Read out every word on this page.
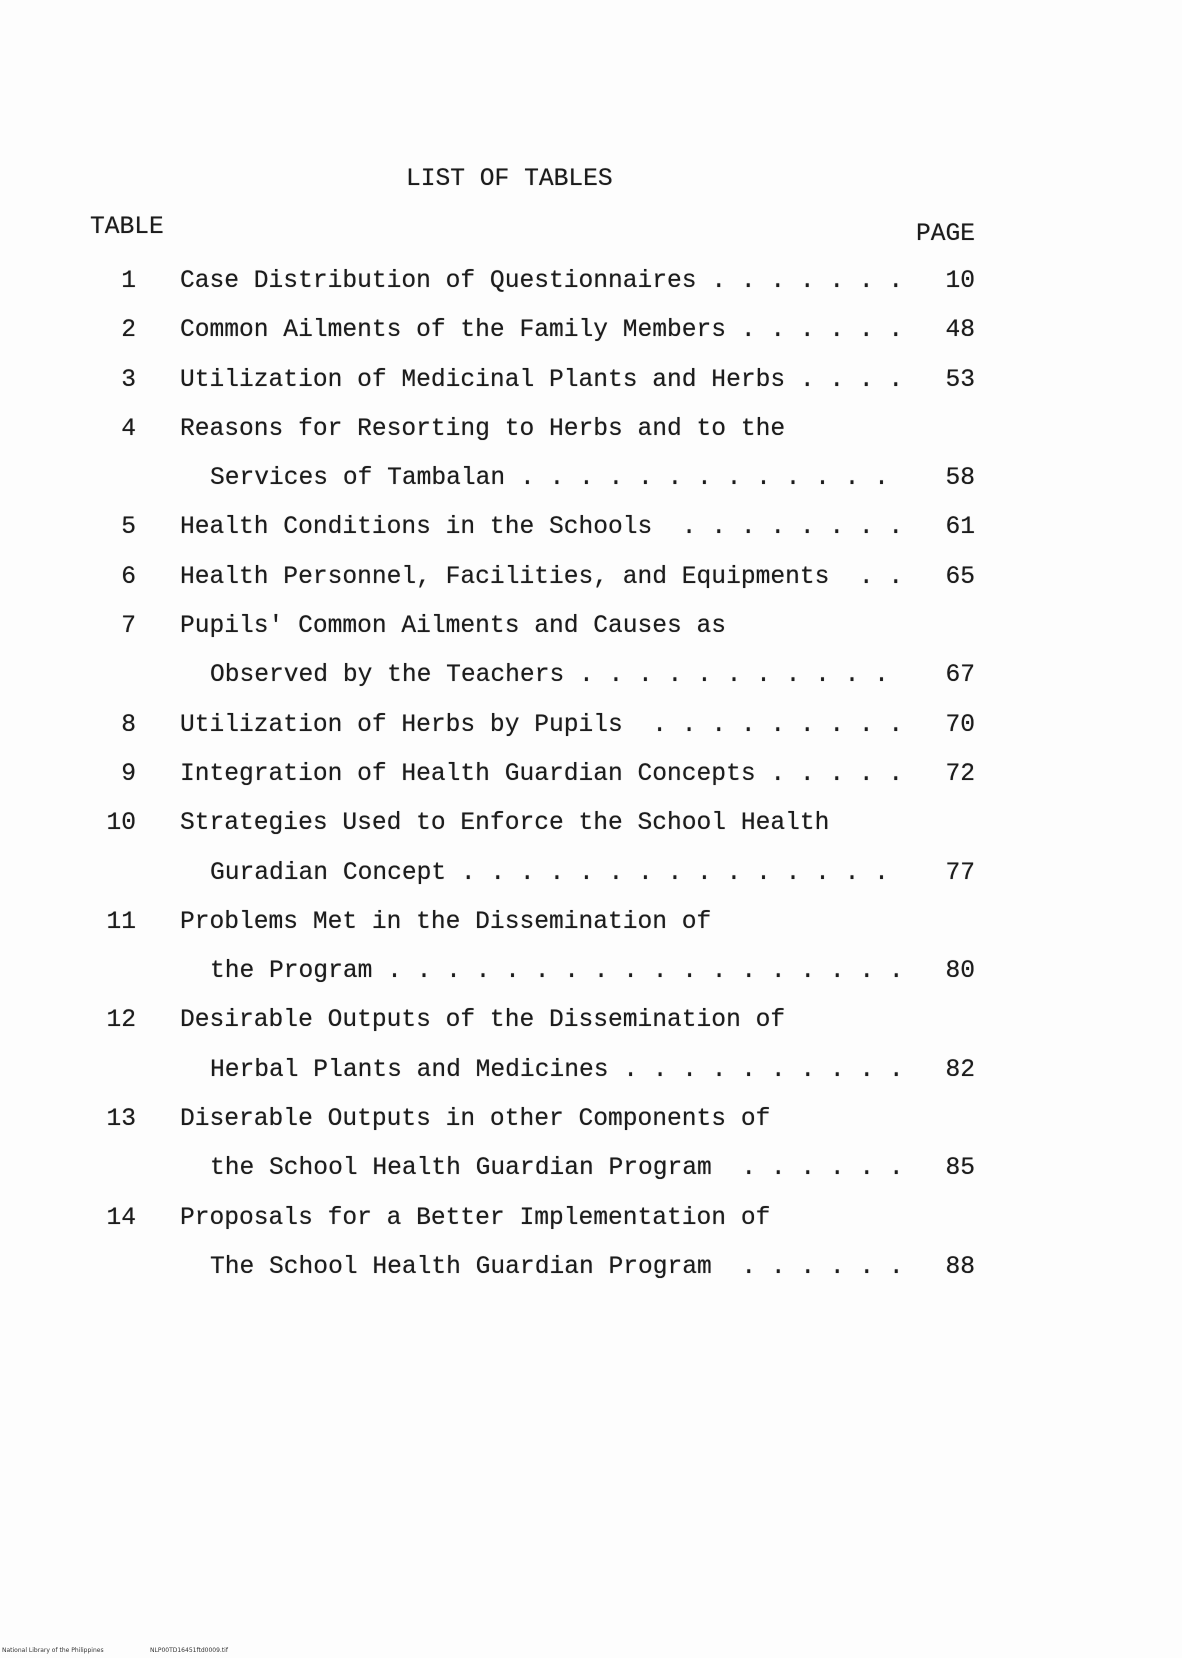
LIST OF TABLES
TABLE	PAGE
1 Case Distribution of Questionnaires . . . . . . . 10
2 Common Ailments of the Family Members . . . . . . 48
3 Utilization of Medicinal Plants and Herbs . . . . 53
4 Reasons for Resorting to Herbs and to the
Services of Tambalan . . . . . . . . . . . . . 58
5 Health Conditions in the Schools  . . . . . . . . 61
6 Health Personnel, Facilities, and Equipments  . . 65
7 Pupils' Common Ailments and Causes as
Observed by the Teachers . . . . . . . . . . . 67
8 Utilization of Herbs by Pupils  . . . . . . . . . 70
9 Integration of Health Guardian Concepts . . . . . 72
10 Strategies Used to Enforce the School Health
Guradian Concept . . . . . . . . . . . . . . . 77
11 Problems Met in the Dissemination of
the Program . . . . . . . . . . . . . . . . . . 80
12 Desirable Outputs of the Dissemination of
Herbal Plants and Medicines . . . . . . . . . . 82
13 Diserable Outputs in other Components of
the School Health Guardian Program  . . . . . . 85
14 Proposals for a Better Implementation of
The School Health Guardian Program  . . . . . . 88
National Library of the Philippines	NLP00TD16451ftd0009.tif
